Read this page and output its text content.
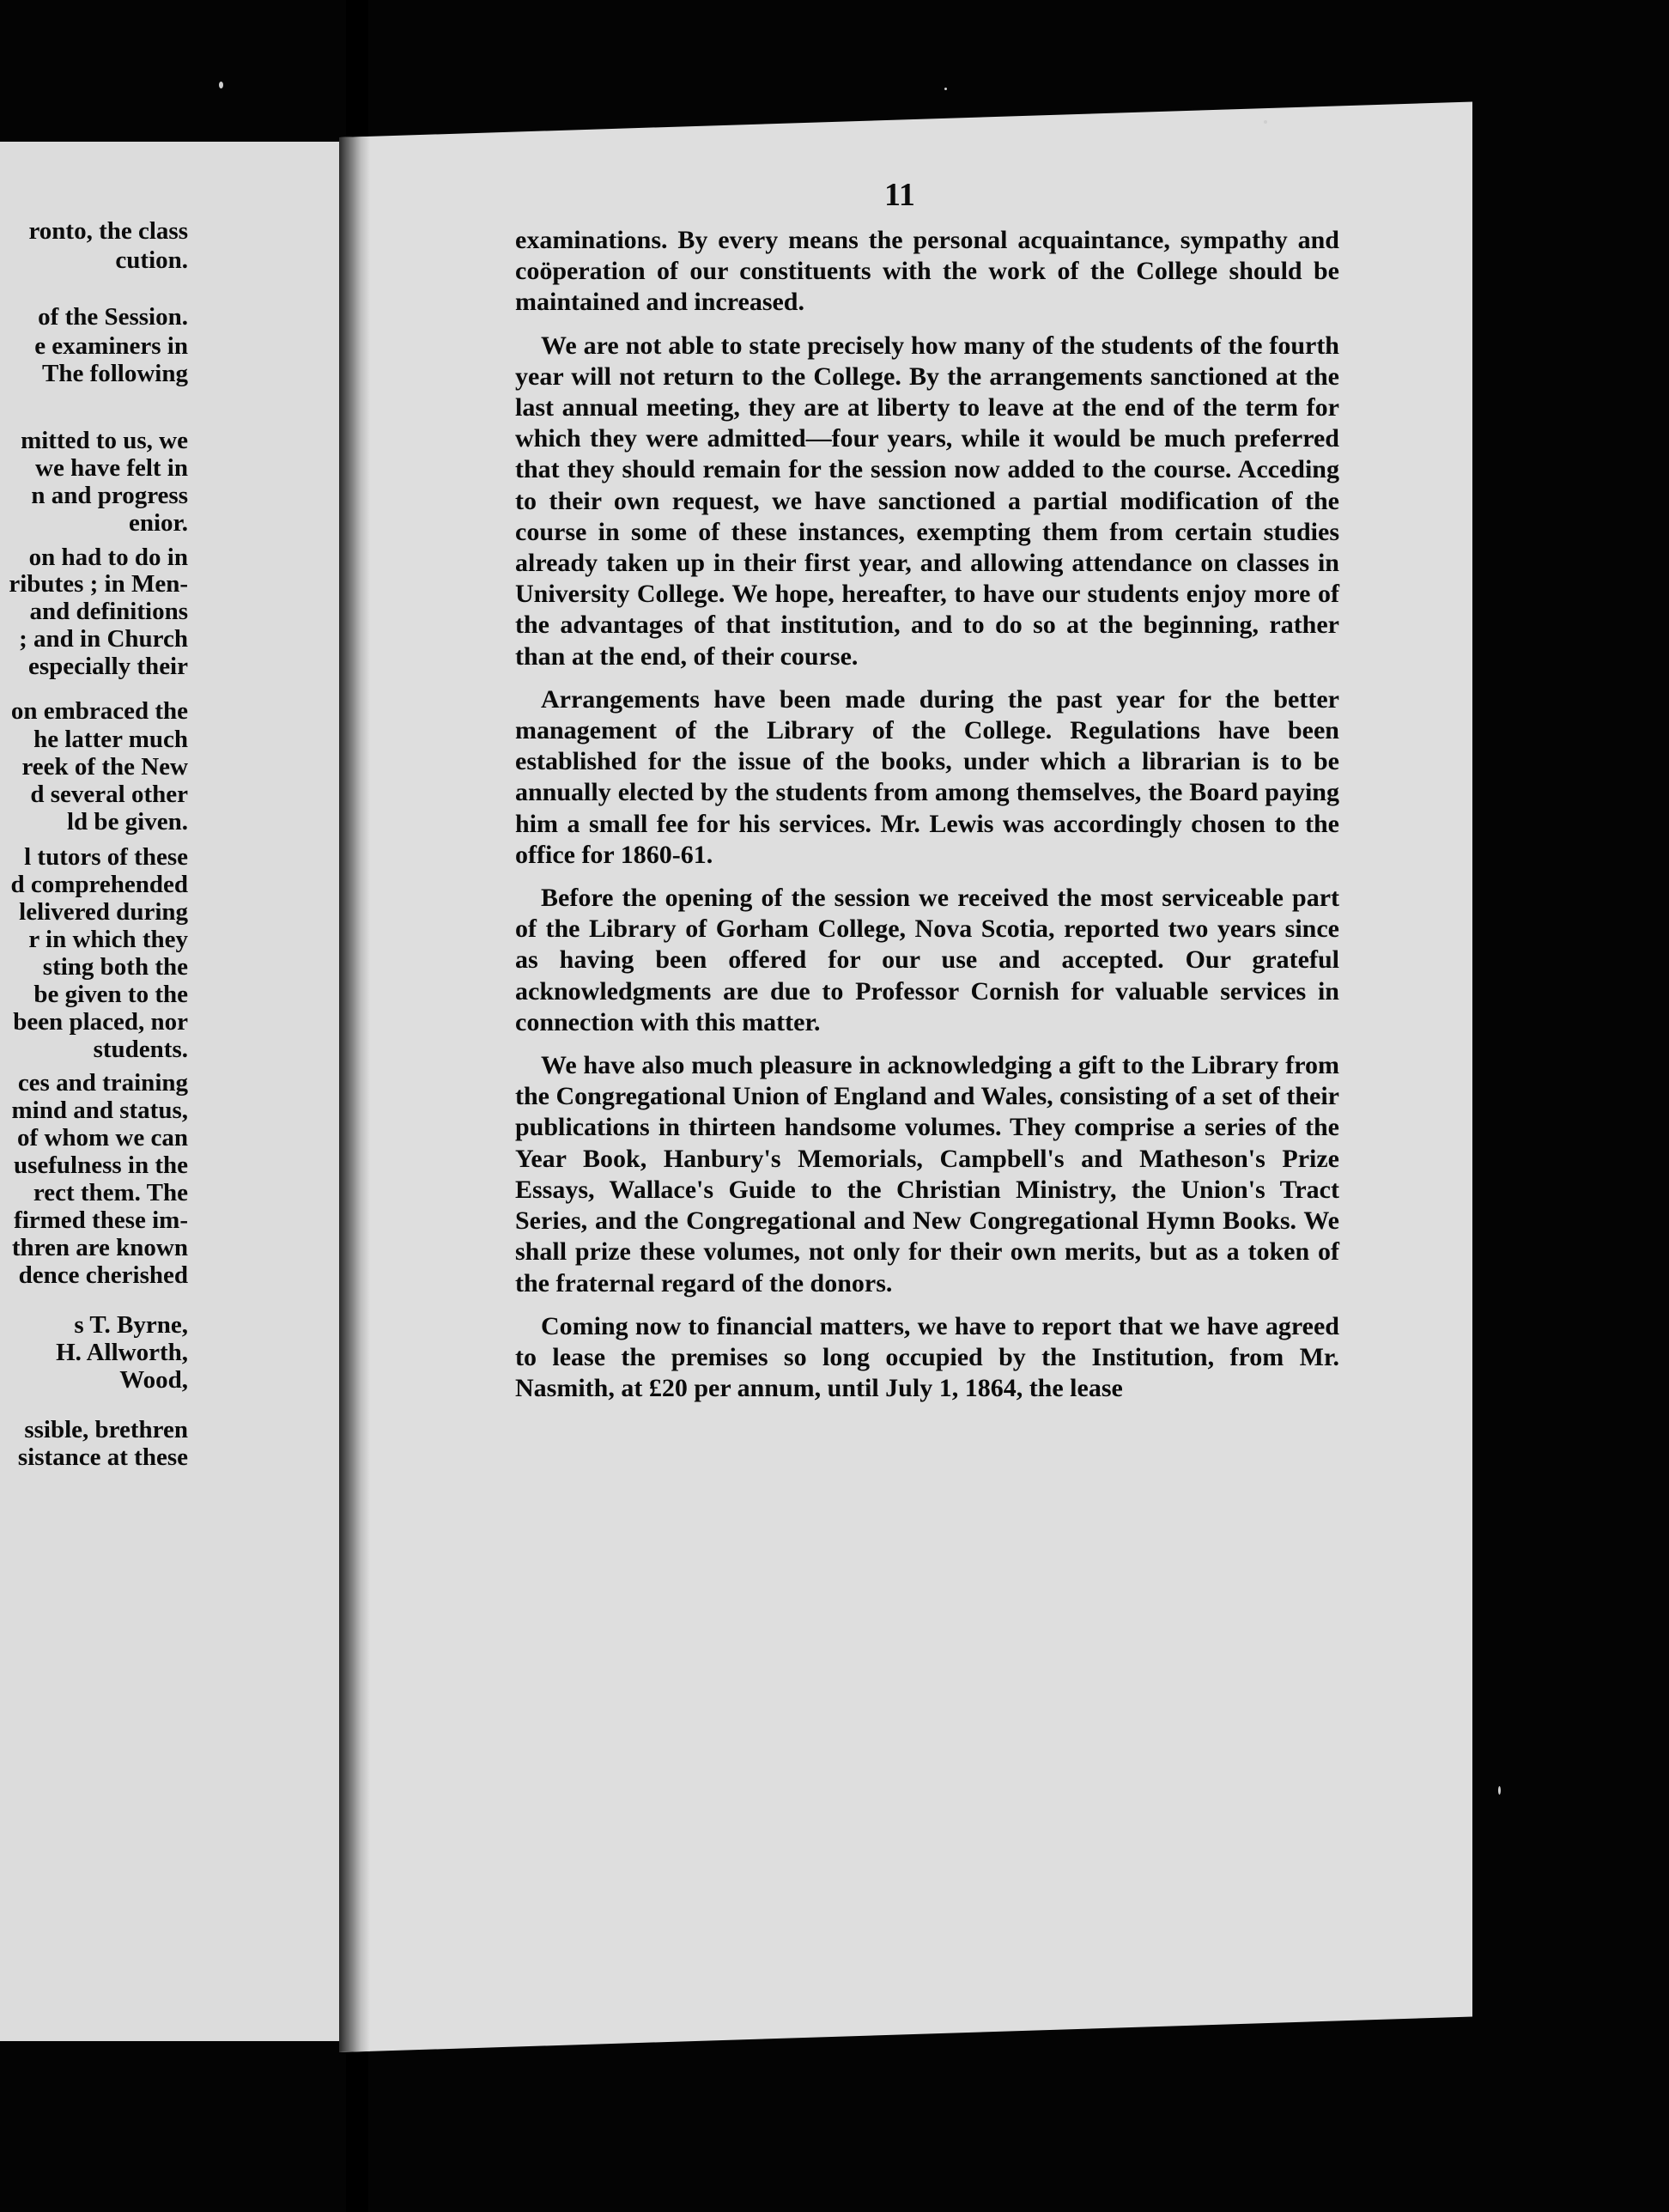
ronto, the class
cution.
of the Session.
e examiners in
The following
mitted to us, we
we have felt in
n and progress
enior.
on had to do in
ributes ; in Men-
and definitions
; and in Church
especially their
on embraced the
he latter much
reek of the New
d several other
ld be given.
l tutors of these
d comprehended
lelivered during
r in which they
sting both the
be given to the
been placed, nor
students.
ces and training
mind and status,
of whom we can
usefulness in the
rect them. The
firmed these im-
thren are known
dence cherished
s T. Byrne,
H. Allworth,
Wood,
ssible, brethren
sistance at these
11

examinations. By every means the personal acquaintance, sympathy and coöperation of our constituents with the work of the College should be maintained and increased.

We are not able to state precisely how many of the students of the fourth year will not return to the College. By the arrangements sanctioned at the last annual meeting, they are at liberty to leave at the end of the term for which they were admitted—four years, while it would be much preferred that they should remain for the session now added to the course. Acceding to their own request, we have sanctioned a partial modification of the course in some of these instances, exempting them from certain studies already taken up in their first year, and allowing attendance on classes in University College. We hope, hereafter, to have our students enjoy more of the advantages of that institution, and to do so at the beginning, rather than at the end, of their course.

Arrangements have been made during the past year for the better management of the Library of the College. Regulations have been established for the issue of the books, under which a librarian is to be annually elected by the students from among themselves, the Board paying him a small fee for his services. Mr. Lewis was accordingly chosen to the office for 1860-61.

Before the opening of the session we received the most serviceable part of the Library of Gorham College, Nova Scotia, reported two years since as having been offered for our use and accepted. Our grateful acknowledgments are due to Professor Cornish for valuable services in connection with this matter.

We have also much pleasure in acknowledging a gift to the Library from the Congregational Union of England and Wales, consisting of a set of their publications in thirteen handsome volumes. They comprise a series of the Year Book, Hanbury's Memorials, Campbell's and Matheson's Prize Essays, Wallace's Guide to the Christian Ministry, the Union's Tract Series, and the Congregational and New Congregational Hymn Books. We shall prize these volumes, not only for their own merits, but as a token of the fraternal regard of the donors.

Coming now to financial matters, we have to report that we have agreed to lease the premises so long occupied by the Institution, from Mr. Nasmith, at £20 per annum, until July 1, 1864, the lease
